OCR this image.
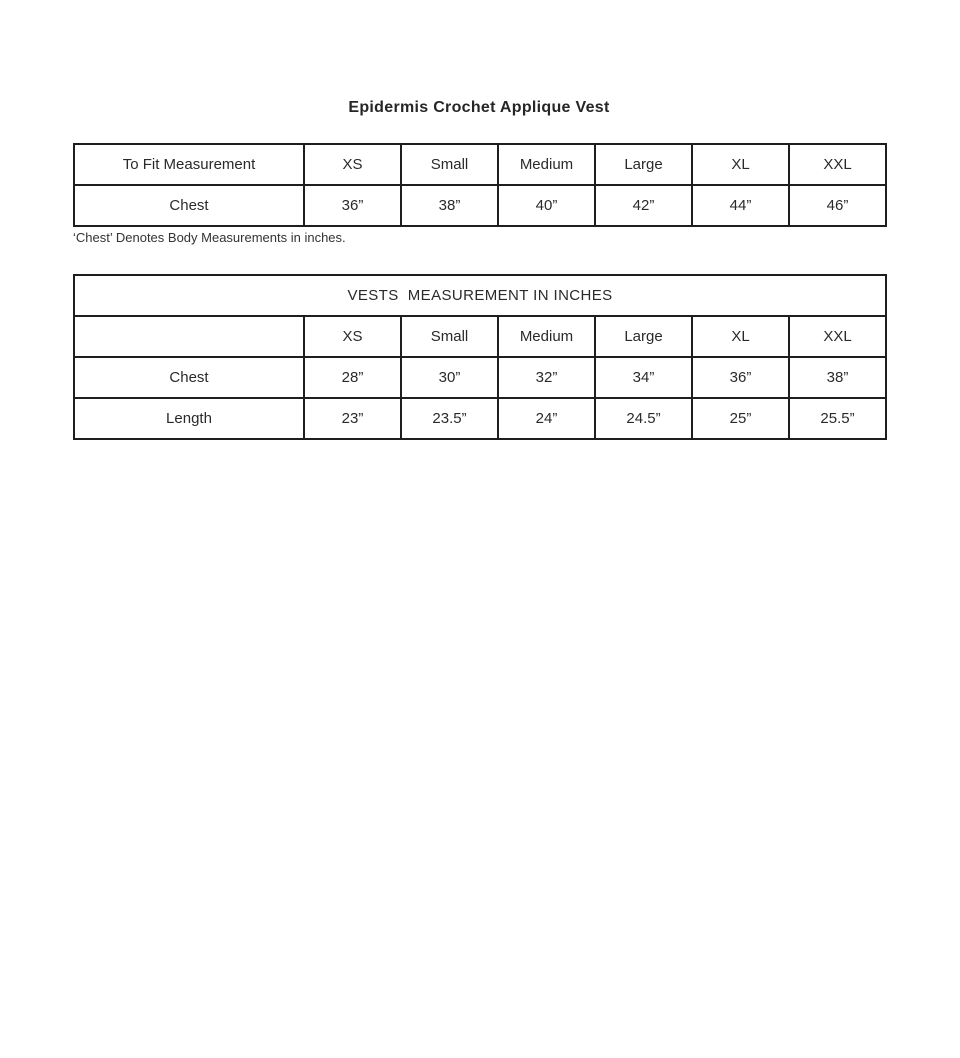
Epidermis Crochet Applique Vest
To Fit Measurement	XS	Small	Medium	Large	XL	XXL
Chest	36”	38”	40”	42”	44”	46”
‘Chest’ Denotes Body Measurements in inches.
VESTS  MEASUREMENT IN INCHES						
	XS	Small	Medium	Large	XL	XXL
Chest	28”	30”	32”	34”	36”	38”
Length	23”	23.5”	24”	24.5”	25”	25.5”
